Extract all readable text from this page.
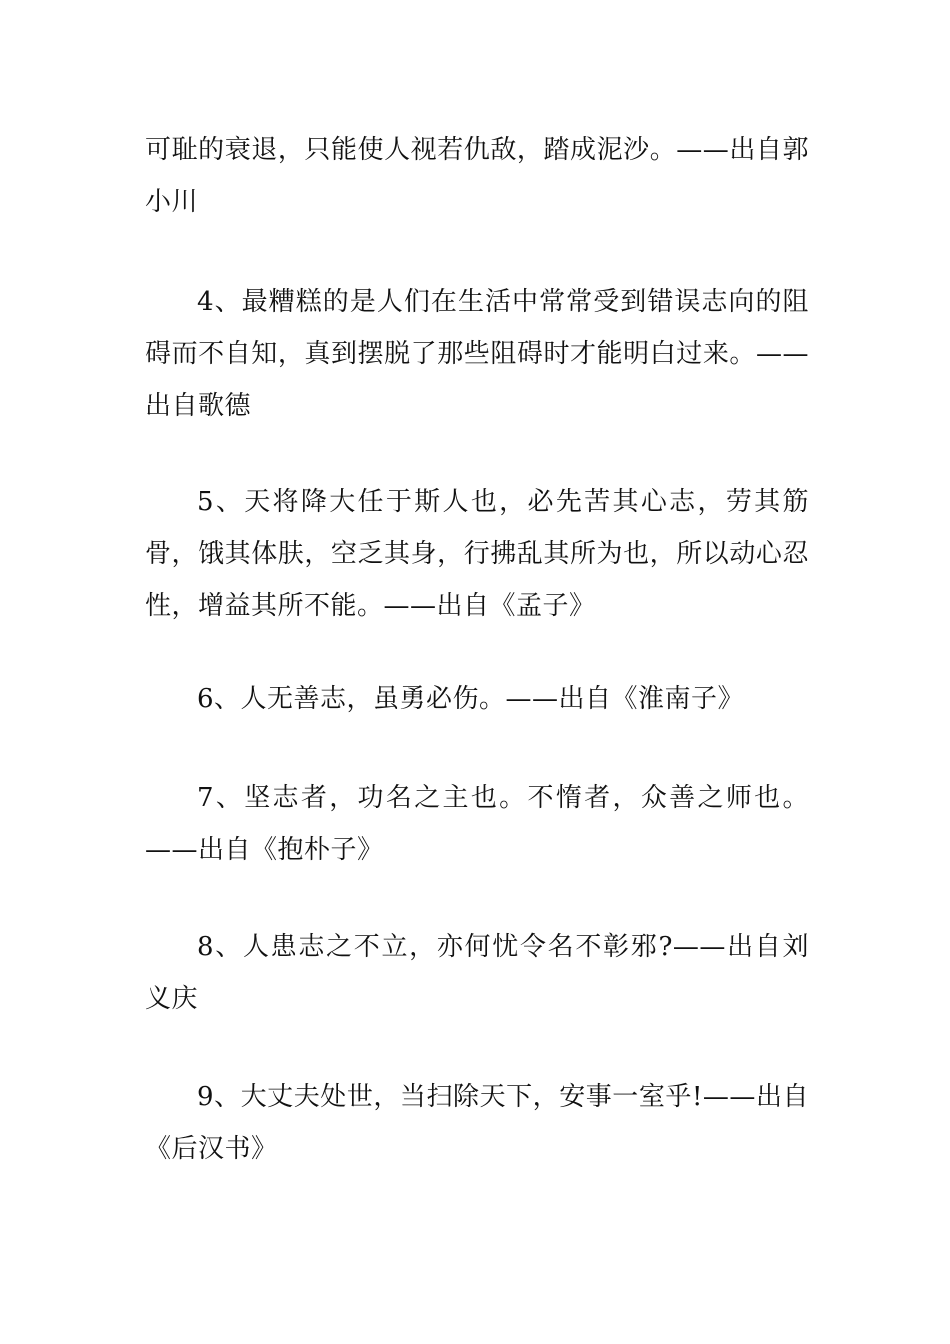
可耻的衰退，只能使人视若仇敌，踏成泥沙。——出自郭小川

4、最糟糕的是人们在生活中常常受到错误志向的阻碍而不自知，真到摆脱了那些阻碍时才能明白过来。——出自歌德

5、天将降大任于斯人也，必先苦其心志，劳其筋骨，饿其体肤，空乏其身，行拂乱其所为也，所以动心忍性，增益其所不能。——出自《孟子》

6、人无善志，虽勇必伤。——出自《淮南子》

7、坚志者，功名之主也。不惰者，众善之师也。——出自《抱朴子》

8、人患志之不立，亦何忧令名不彰邪?——出自刘义庆

9、大丈夫处世，当扫除天下，安事一室乎!——出自《后汉书》
